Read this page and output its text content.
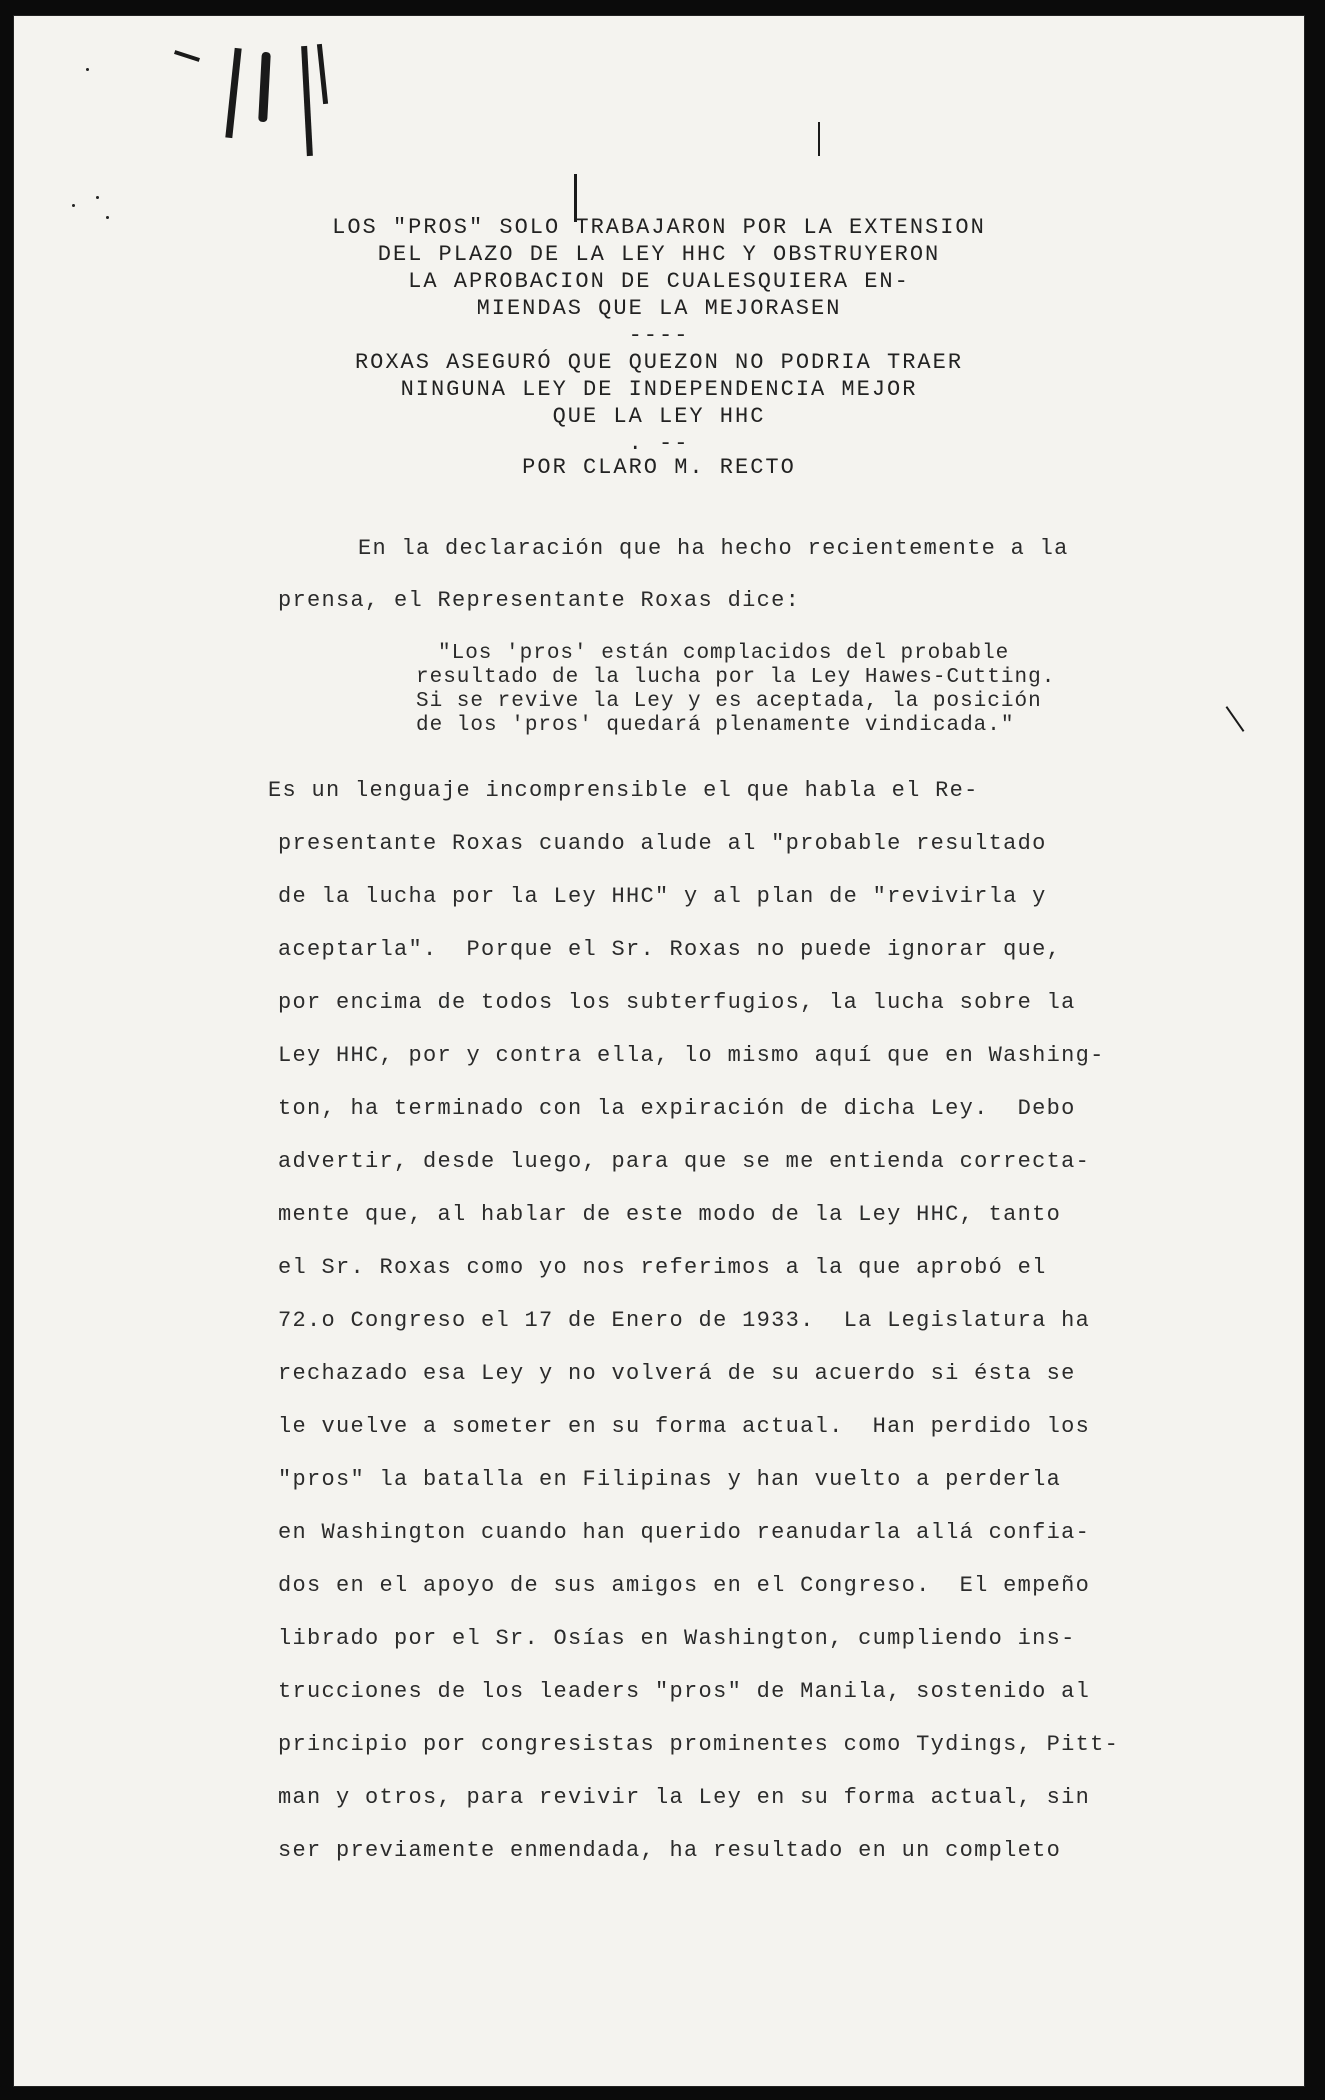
LOS "PROS" SOLO TRABAJARON POR LA EXTENSION
DEL PLAZO DE LA LEY HHC Y OBSTRUYERON
LA APROBACION DE CUALESQUIERA EN-
MIENDAS QUE LA MEJORASEN
----
ROXAS ASEGURÓ QUE QUEZON NO PODRIA TRAER
NINGUNA LEY DE INDEPENDENCIA MEJOR
QUE LA LEY HHC
. --
POR CLARO M. RECTO
En la declaración que ha hecho recientemente a la
prensa, el Representante Roxas dice:
"Los 'pros' están complacidos del probable
resultado de la lucha por la Ley Hawes-Cutting.
Si se revive la Ley y es aceptada, la posición
de los 'pros' quedará plenamente vindicada."
Es un lenguaje incomprensible el que habla el Re-
presentante Roxas cuando alude al "probable resultado
de la lucha por la Ley HHC" y al plan de "revivirla y
aceptarla".  Porque el Sr. Roxas no puede ignorar que,
por encima de todos los subterfugios, la lucha sobre la
Ley HHC, por y contra ella, lo mismo aquí que en Washing-
ton, ha terminado con la expiración de dicha Ley.  Debo
advertir, desde luego, para que se me entienda correcta-
mente que, al hablar de este modo de la Ley HHC, tanto
el Sr. Roxas como yo nos referimos a la que aprobó el
72.o Congreso el 17 de Enero de 1933.  La Legislatura ha
rechazado esa Ley y no volverá de su acuerdo si ésta se
le vuelve a someter en su forma actual.  Han perdido los
"pros" la batalla en Filipinas y han vuelto a perderla
en Washington cuando han querido reanudarla allá confia-
dos en el apoyo de sus amigos en el Congreso.  El empeño
librado por el Sr. Osías en Washington, cumpliendo ins-
trucciones de los leaders "pros" de Manila, sostenido al
principio por congresistas prominentes como Tydings, Pitt-
man y otros, para revivir la Ley en su forma actual, sin
ser previamente enmendada, ha resultado en un completo
